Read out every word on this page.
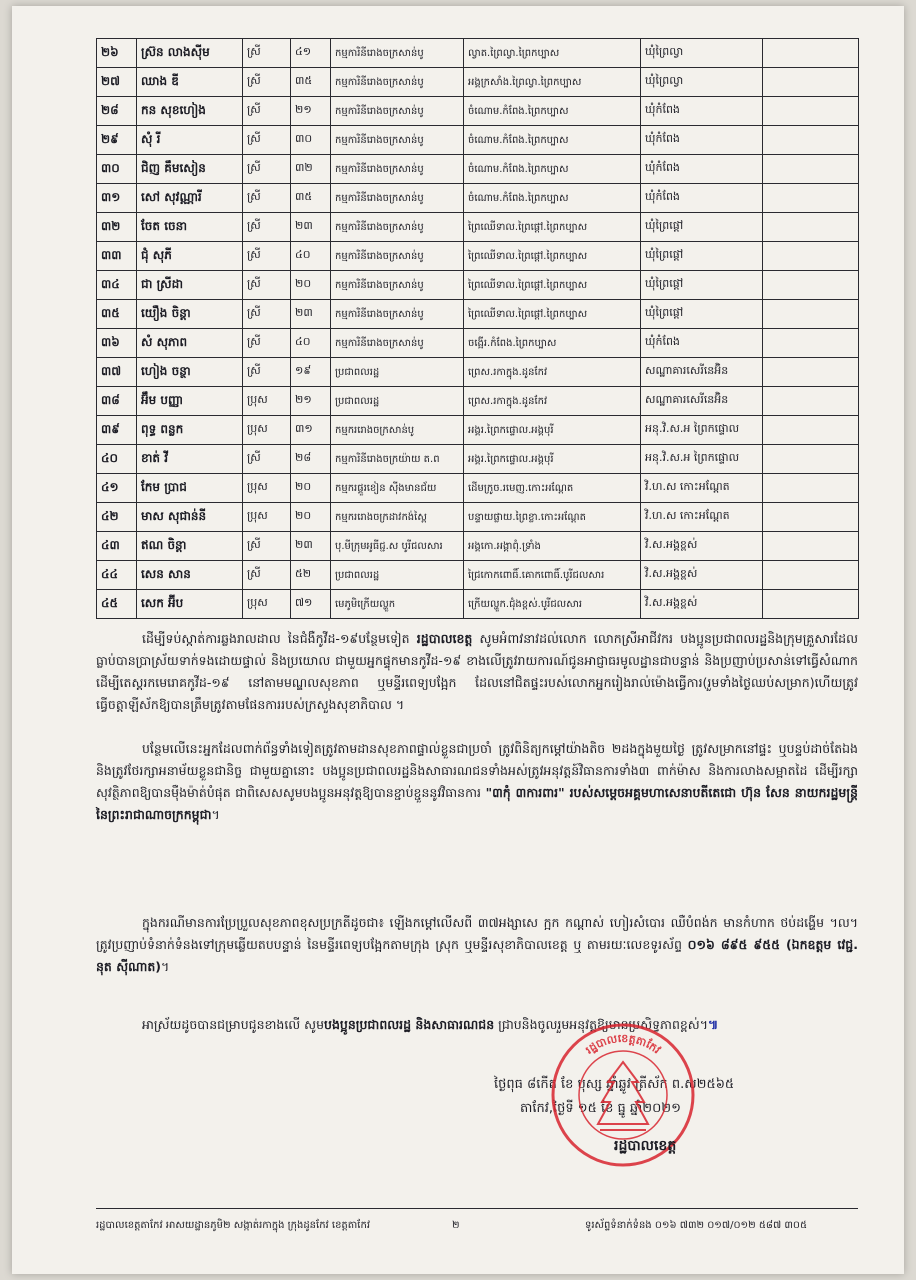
២៦	ស្រ៊ន លាងស៊ីម	ស្រី	៤១	កម្មការិនីរោងចក្រសាន់បូ	ល្វាត.ព្រៃល្វា.ព្រៃកប្បាស	ឃុំព្រៃល្វា	
២៧	ឈាង ឌី	ស្រី	៣៥	កម្មការិនីរោងចក្រសាន់បូ	អង្គក្រសាំង.ព្រៃល្វា.ព្រៃកប្បាស	ឃុំព្រៃល្វា	
២៨	កន សុខហៀង	ស្រី	២១	កម្មការិនីរោងចក្រសាន់បូ	ចំណោម.កំពែង.ព្រៃកប្បាស	ឃុំកំពែង	
២៩	សុំ រី	ស្រី	៣០	កម្មការិនីរោងចក្រសាន់បូ	ចំណោម.កំពែង.ព្រៃកប្បាស	ឃុំកំពែង	
៣០	ជិញ គឹមសៀន	ស្រី	៣២	កម្មការិនីរោងចក្រសាន់បូ	ចំណោម.កំពែង.ព្រៃកប្បាស	ឃុំកំពែង	
៣១	សៅ សុវណ្ណារី	ស្រី	៣៥	កម្មការិនីរោងចក្រសាន់បូ	ចំណោម.កំពែង.ព្រៃកប្បាស	ឃុំកំពែង	
៣២	ចែត ចេនា	ស្រី	២៣	កម្មការិនីរោងចក្រសាន់បូ	ព្រៃឈើទាល.ព្រៃផ្ដៅ.ព្រៃកប្បាស	ឃុំព្រៃផ្ដៅ	
៣៣	ជុំ សុភី	ស្រី	៤០	កម្មការិនីរោងចក្រសាន់បូ	ព្រៃឈើទាល.ព្រៃផ្ដៅ.ព្រៃកប្បាស	ឃុំព្រៃផ្ដៅ	
៣៤	ជា ស្រីដា	ស្រី	២០	កម្មការិនីរោងចក្រសាន់បូ	ព្រៃឈើទាល.ព្រៃផ្ដៅ.ព្រៃកប្បាស	ឃុំព្រៃផ្ដៅ	
៣៥	យឿង ចិន្ដា	ស្រី	២៣	កម្មការិនីរោងចក្រសាន់បូ	ព្រៃឈើទាល.ព្រៃផ្ដៅ.ព្រៃកប្បាស	ឃុំព្រៃផ្ដៅ	
៣៦	សំ សុភាព	ស្រី	៤០	កម្មការិនីរោងចក្រសាន់បូ	ចង្អើរ.កំពែង.ព្រៃកប្បាស	ឃុំកំពែង	
៣៧	ហៀង ចន្ថា	ស្រី	១៩	ប្រជាពលរដ្ឋ	ព្រេស.រកាក្នុង.ដូនកែវ	សណ្ឋាគារសេរីនេអ៊ិន	
៣៨	អ៊ឹម បញ្ញា	ប្រុស	២១	ប្រជាពលរដ្ឋ	ព្រេស.រកាក្នុង.ដូនកែវ	សណ្ឋាគារសេរីនេអ៊ិន	
៣៩	ពុទ្ធ ពន្លក	ប្រុស	៣១	កម្មកររោងចក្រសាន់បូ	អង្គរ.ព្រៃកផ្ទោល.អង្គបុរី	អនុ.វិ.ស.អ ព្រៃកផ្ទោល	
៤០	ខាត់ វី	ស្រី	២៨	កម្មការិនីរោងចក្រយ៉ាយ ត.ព	អង្គរ.ព្រៃកផ្ទោល.អង្គបុរី	អនុ.វិ.ស.អ ព្រៃកផ្ទោល	
៤១	កែម ប្រាជ	ប្រុស	២០	កម្មករផ្គួរខៀន ស៊ីងមានជ័យ	ដើមក្រូច.រមេញ.កោះអណ្ដែត	វិ.ហ.ស កោះអណ្ដែត	
៤២	មាស សុជាន់នី	ប្រុស	២០	កម្មកររោងចក្រដាវកង់ស្ពៃ	បន្ទាយផ្លាយ.ព្រៃខ្លា.កោះអណ្ដែត	វិ.ហ.ស កោះអណ្ដែត	
៤៣	ឥណ ចិន្ដា	ស្រី	២៣	បុ.មីក្រុមអូធីជ្ជ.ស បូរីជលសារ	អង្គកោ.អង្គាពុំ.ទ្រាំង	វិ.ស.អង្គខ្ពស់	
៤៤	សេន សាន	ស្រី	៥២	ប្រជាពលរដ្ឋ	ជ្រៃកោកពោធិ៍.គោកពោធិ៍.បូរីជលសារ	វិ.ស.អង្គខ្ពស់	
៤៥	សេក អ៊ីប	ប្រុស	៧១	មេភូមិក្រើយល្ហួក	ក្រើយល្ហួក.ជុំងខ្ពស់.បូរីជលសារ	វិ.ស.អង្គខ្ពស់	

ដើម្បីទប់ស្កាត់ការឆ្លងរាលដាល នៃជំងឺកូវីដ-១៩បន្ថែមទៀត រដ្ឋបាលខេត្ត សូមអំពាវនាវដល់លោក លោកស្រីអាជីវករ បងប្អូនប្រជាពលរដ្ឋនិងក្រុមគ្រួសារដែលធ្លាប់បានប្រាស្រ័យទាក់ទងដោយផ្ទាល់ និងប្រយោល ជាមួយអ្នកផ្ទុកមានកូវីដ-១៩ ខាងលើត្រូវរាយការណ៍ជូនអាជ្ញាធរមូលដ្ឋានជាបន្ទាន់ និងប្រញាប់ប្រសាន់ទៅធ្វើសំណាក ដើម្បីតេស្តរកមេរោគកូវីដ-១៩ នៅតាមមណ្ឌលសុខភាព ឬមន្ទីរពេទ្យបង្អែក ដែលនៅជិតផ្ទះរបស់លោកអ្នករៀងរាល់ម៉ោងធ្វើការ(រួមទាំងថ្ងៃឈប់សម្រាក)ហើយត្រូវធ្វើចត្តាឡីស័កឱ្យបានត្រឹមត្រូវតាមផែនការរបស់ក្រសួងសុខាភិបាល ។

បន្ថែមលើនេះអ្នកដែលពាក់ព័ន្ធទាំងទៀតត្រូវតាមដានសុខភាពផ្ទាល់ខ្លួនជាប្រចាំ ត្រូវពិនិត្យកម្ដៅយ៉ាងតិច ២ដងក្នុងមួយថ្ងៃ ត្រូវសម្រាកនៅផ្ទះ ឬបន្ទប់ដាច់តែឯង និងត្រូវថែរក្សាអនាម័យខ្លួនជានិច្ច ជាមួយគ្នានោះ បងប្អូនប្រជាពលរដ្ឋនិងសាធារណជនទាំងអស់ត្រូវអនុវត្តន៍វិធានការទាំង៣ ពាក់ម៉ាស និងការលាងសម្អាតដៃ ដើម្បីរក្សាសុវត្ថិភាពឱ្យបានម៉ឺងម៉ាត់បំផុត ជាពិសេសសូមបងប្អូនអនុវត្តឱ្យបានខ្ជាប់ខ្ជួននូវវិធានការ "៣កុំ ៣ការពារ" របស់សម្ដេចអគ្គមហាសេនាបតីតេជោ ហ៊ុន សែន នាយករដ្ឋមន្ត្រី នៃព្រះរាជាណាចក្រកម្ពុជា។

ក្នុងករណីមានការប្រែប្រួលសុខភាពខុសប្រក្រតីដូចជា៖ ឡើងកម្ដៅលើសពី ៣៧អង្សាសេ ក្អក កណ្ដាស់ ហៀរសំបោរ ឈឺបំពង់ក មានកំហាក ថប់ដង្ហើម ។ល។ ត្រូវប្រញាប់ទំនាក់ទំនងទៅក្រុមឆ្លើយតបបន្ទាន់ នៃមន្ទីរពេទ្យបង្អែកតាមក្រុង ស្រុក ឬមន្ទីរសុខាភិបាលខេត្ត ឬ តាមរយៈលេខទូរស័ព្ទ ០១៦ ៨៩៥ ៩៥៥ (ឯកឧត្ដម វេជ្ជ. នុត ស៊ីណាត)។

អាស្រ័យដូចបានជម្រាបជូនខាងលើ សូមបងប្អូនប្រជាពលរដ្ឋ និងសាធារណជន ជ្រាបនិងចូលរួមអនុវត្តឱ្យមានប្រសិទ្ធភាពខ្ពស់។៕

ថ្ងៃពុធ ៨កើត ខែ បុស្ស ឆ្នាំឆ្លូវ ត្រីស័ក ព.ស២៥៦៥
តាកែវ,ថ្ងៃទី ១៥ ខែ ធ្នូ ឆ្នាំ២០២១
រដ្ឋបាលខេត្តតាកែវ
រដ្ឋបាលខេត្ត
រដ្ឋបាលខេត្តតាកែវ អាសយដ្ឋានភូមិ២ សង្កាត់រកាក្នុង ក្រុងដូនកែវ ខេត្តតាកែវ	២	ទូរស័ព្ទទំនាក់ទំនង ០១៦ ៧៣២ ០១៧/០១២ ៥៨៧ ៣០៥
